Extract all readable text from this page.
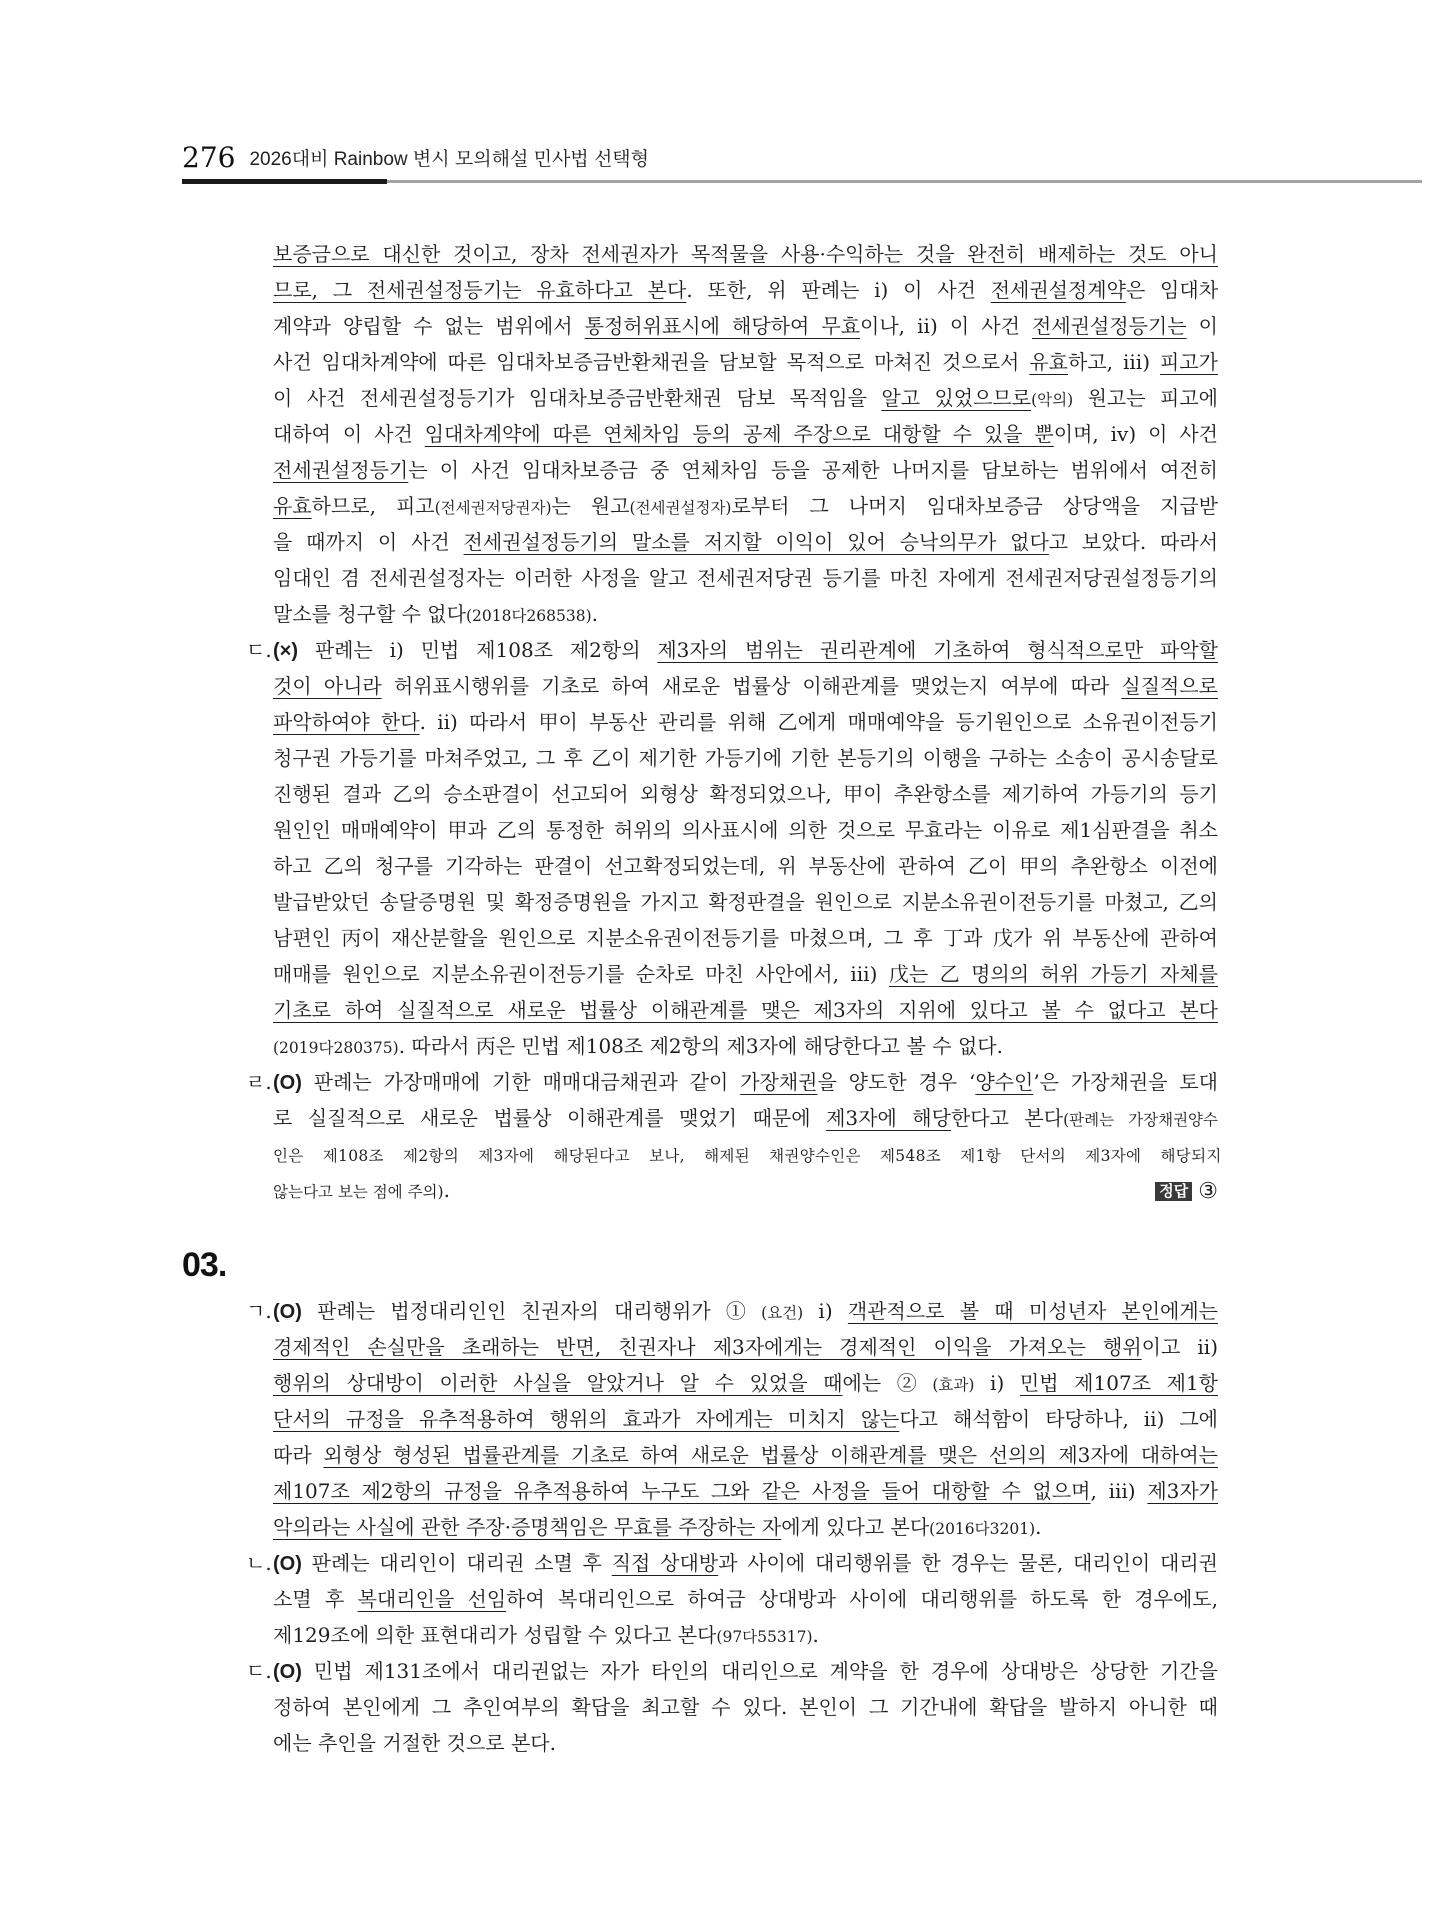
276 2026대비 Rainbow 변시 모의해설 민사법 선택형
보증금으로 대신한 것이고, 장차 전세권자가 목적물을 사용·수익하는 것을 완전히 배제하는 것도 아니
므로, 그 전세권설정등기는 유효하다고 본다. 또한, 위 판례는 ⅰ) 이 사건 전세권설정계약은 임대차
계약과 양립할 수 없는 범위에서 통정허위표시에 해당하여 무효이나, ⅱ) 이 사건 전세권설정등기는 이
사건 임대차계약에 따른 임대차보증금반환채권을 담보할 목적으로 마쳐진 것으로서 유효하고, ⅲ) 피고가
이 사건 전세권설정등기가 임대차보증금반환채권 담보 목적임을 알고 있었으므로(악의) 원고는 피고에
대하여 이 사건 임대차계약에 따른 연체차임 등의 공제 주장으로 대항할 수 있을 뿐이며, ⅳ) 이 사건
전세권설정등기는 이 사건 임대차보증금 중 연체차임 등을 공제한 나머지를 담보하는 범위에서 여전히
유효하므로, 피고(전세권저당권자)는 원고(전세권설정자)로부터 그 나머지 임대차보증금 상당액을 지급받
을 때까지 이 사건 전세권설정등기의 말소를 저지할 이익이 있어 승낙의무가 없다고 보았다. 따라서
임대인 겸 전세권설정자는 이러한 사정을 알고 전세권저당권 등기를 마친 자에게 전세권저당권설정등기의
말소를 청구할 수 없다(2018다268538).
ㄷ. (×) 판례는 ⅰ) 민법 제108조 제2항의 제3자의 범위는 권리관계에 기초하여 형식적으로만 파악할
것이 아니라 허위표시행위를 기초로 하여 새로운 법률상 이해관계를 맺었는지 여부에 따라 실질적으로
파악하여야 한다. ⅱ) 따라서 甲이 부동산 관리를 위해 乙에게 매매예약을 등기원인으로 소유권이전등기
청구권 가등기를 마쳐주었고, 그 후 乙이 제기한 가등기에 기한 본등기의 이행을 구하는 소송이 공시송달로
진행된 결과 乙의 승소판결이 선고되어 외형상 확정되었으나, 甲이 추완항소를 제기하여 가등기의 등기
원인인 매매예약이 甲과 乙의 통정한 허위의 의사표시에 의한 것으로 무효라는 이유로 제1심판결을 취소
하고 乙의 청구를 기각하는 판결이 선고확정되었는데, 위 부동산에 관하여 乙이 甲의 추완항소 이전에
발급받았던 송달증명원 및 확정증명원을 가지고 확정판결을 원인으로 지분소유권이전등기를 마쳤고, 乙의
남편인 丙이 재산분할을 원인으로 지분소유권이전등기를 마쳤으며, 그 후 丁과 戊가 위 부동산에 관하여
매매를 원인으로 지분소유권이전등기를 순차로 마친 사안에서, ⅲ) 戊는 乙 명의의 허위 가등기 자체를
기초로 하여 실질적으로 새로운 법률상 이해관계를 맺은 제3자의 지위에 있다고 볼 수 없다고 본다
(2019다280375). 따라서 丙은 민법 제108조 제2항의 제3자에 해당한다고 볼 수 없다.
ㄹ. (O) 판례는 가장매매에 기한 매매대금채권과 같이 가장채권을 양도한 경우 ‘양수인’은 가장채권을 토대
로 실질적으로 새로운 법률상 이해관계를 맺었기 때문에 제3자에 해당한다고 본다(판례는 가장채권양수
인은 제108조 제2항의 제3자에 해당된다고 보나, 해제된 채권양수인은 제548조 제1항 단서의 제3자에 해당되지
않는다고 보는 점에 주의).	정답 ③
03.
ㄱ. (O) 판례는 법정대리인인 친권자의 대리행위가 ① (요건) ⅰ) 객관적으로 볼 때 미성년자 본인에게는
경제적인 손실만을 초래하는 반면, 친권자나 제3자에게는 경제적인 이익을 가져오는 행위이고 ⅱ)
행위의 상대방이 이러한 사실을 알았거나 알 수 있었을 때에는 ② (효과) ⅰ) 민법 제107조 제1항
단서의 규정을 유추적용하여 행위의 효과가 자에게는 미치지 않는다고 해석함이 타당하나, ⅱ) 그에
따라 외형상 형성된 법률관계를 기초로 하여 새로운 법률상 이해관계를 맺은 선의의 제3자에 대하여는
제107조 제2항의 규정을 유추적용하여 누구도 그와 같은 사정을 들어 대항할 수 없으며, ⅲ) 제3자가
악의라는 사실에 관한 주장·증명책임은 무효를 주장하는 자에게 있다고 본다(2016다3201).
ㄴ. (O) 판례는 대리인이 대리권 소멸 후 직접 상대방과 사이에 대리행위를 한 경우는 물론, 대리인이 대리권
소멸 후 복대리인을 선임하여 복대리인으로 하여금 상대방과 사이에 대리행위를 하도록 한 경우에도,
제129조에 의한 표현대리가 성립할 수 있다고 본다(97다55317).
ㄷ. (O) 민법 제131조에서 대리권없는 자가 타인의 대리인으로 계약을 한 경우에 상대방은 상당한 기간을
정하여 본인에게 그 추인여부의 확답을 최고할 수 있다. 본인이 그 기간내에 확답을 발하지 아니한 때
에는 추인을 거절한 것으로 본다.
